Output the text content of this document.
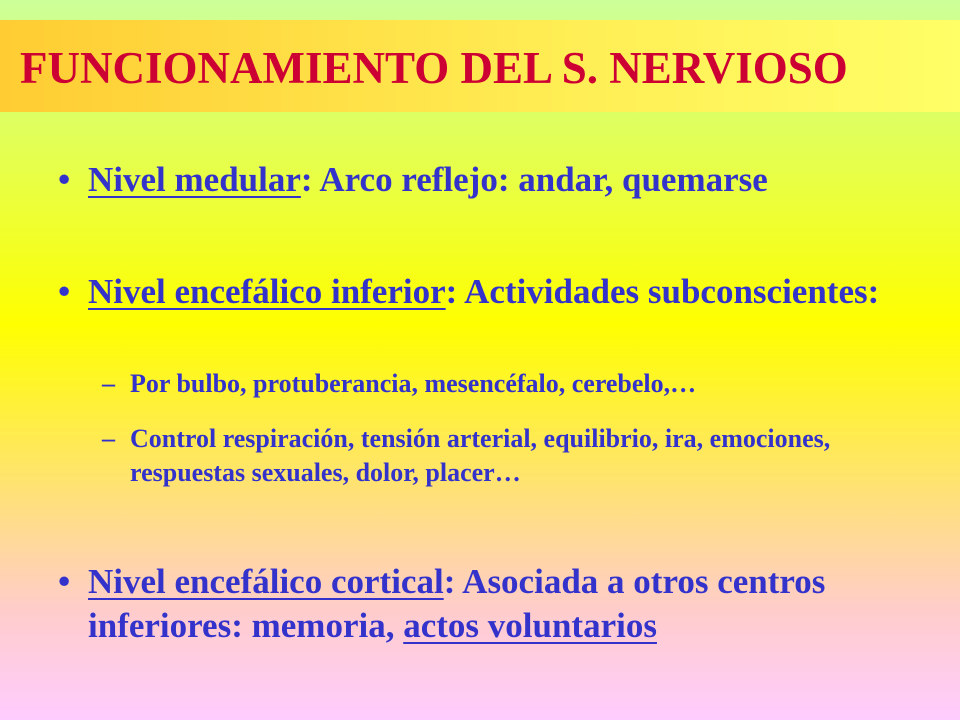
FUNCIONAMIENTO DEL S. NERVIOSO
• Nivel medular: Arco reflejo: andar, quemarse
• Nivel encefálico inferior: Actividades subconscientes:
– Por bulbo, protuberancia, mesencéfalo, cerebelo,…
– Control respiración, tensión arterial, equilibrio, ira, emociones, respuestas sexuales, dolor, placer…
• Nivel encefálico cortical: Asociada a otros centros inferiores: memoria, actos voluntarios
